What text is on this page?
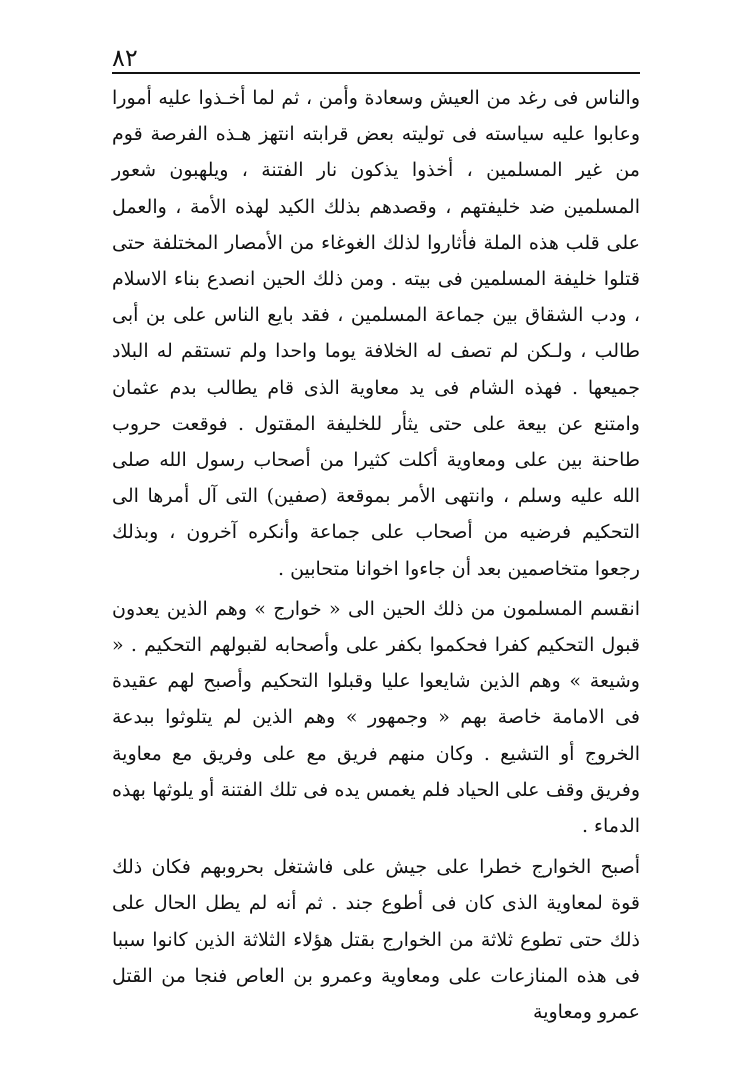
٨٢

والناس فى رغد من العيش وسعادة وأمن ، ثم لما أخـذوا عليه أمورا وعابوا عليه سياسته فى توليته بعض قرابته انتهز هـذه الفرصة قوم من غير المسلمين ، أخذوا يذكون نار الفتنة ، ويلهبون شعور المسلمين ضد خليفتهم ، وقصدهم بذلك الكيد لهذه الأمة ، والعمل على قلب هذه الملة فأثاروا لذلك الغوغاء من الأمصار المختلفة حتى قتلوا خليفة المسلمين فى بيته . ومن ذلك الحين انصدع بناء الاسلام ، ودب الشقاق بين جماعة المسلمين ، فقد بايع الناس على بن أبى طالب ، ولـكن لم تصف له الخلافة يوما واحدا ولم تستقم له البلاد جميعها . فهذه الشام فى يد معاوية الذى قام يطالب بدم عثمان وامتنع عن بيعة على حتى يثأر للخليفة المقتول . فوقعت حروب طاحنة بين على ومعاوية أكلت كثيرا من أصحاب رسول الله صلى الله عليه وسلم ، وانتهى الأمر بموقعة (صفين) التى آل أمرها الى التحكيم فرضيه من أصحاب على جماعة وأنكره آخرون ، وبذلك رجعوا متخاصمين بعد أن جاءوا اخوانا متحابين .

انقسم المسلمون من ذلك الحين الى « خوارج » وهم الذين يعدون قبول التحكيم كفرا فحكموا بكفر على وأصحابه لقبولهم التحكيم . « وشيعة » وهم الذين شايعوا عليا وقبلوا التحكيم وأصبح لهم عقيدة فى الامامة خاصة بهم « وجمهور » وهم الذين لم يتلوثوا ببدعة الخروج أو التشيع . وكان منهم فريق مع على وفريق مع معاوية وفريق وقف على الحياد فلم يغمس يده فى تلك الفتنة أو يلوثها بهذه الدماء .

أصبح الخوارج خطرا على جيش على فاشتغل بحروبهم فكان ذلك قوة لمعاوية الذى كان فى أطوع جند . ثم أنه لم يطل الحال على ذلك حتى تطوع ثلاثة من الخوارج بقتل هؤلاء الثلاثة الذين كانوا سببا فى هذه المنازعات على ومعاوية وعمرو بن العاص فنجا من القتل عمرو ومعاوية
